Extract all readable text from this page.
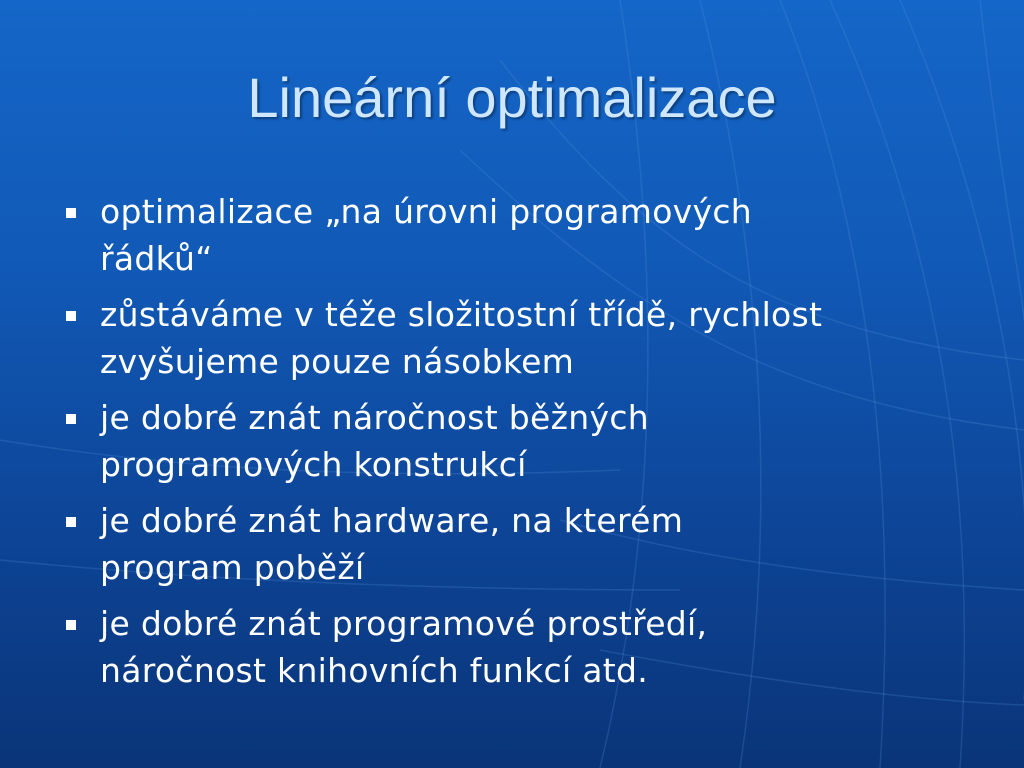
Lineární optimalizace
optimalizace „na úrovni programových
řádků“
zůstáváme v téže složitostní třídě, rychlost
zvyšujeme pouze násobkem
je dobré znát náročnost běžných
programových konstrukcí
je dobré znát hardware, na kterém
program poběží
je dobré znát programové prostředí,
náročnost knihovních funkcí atd.
